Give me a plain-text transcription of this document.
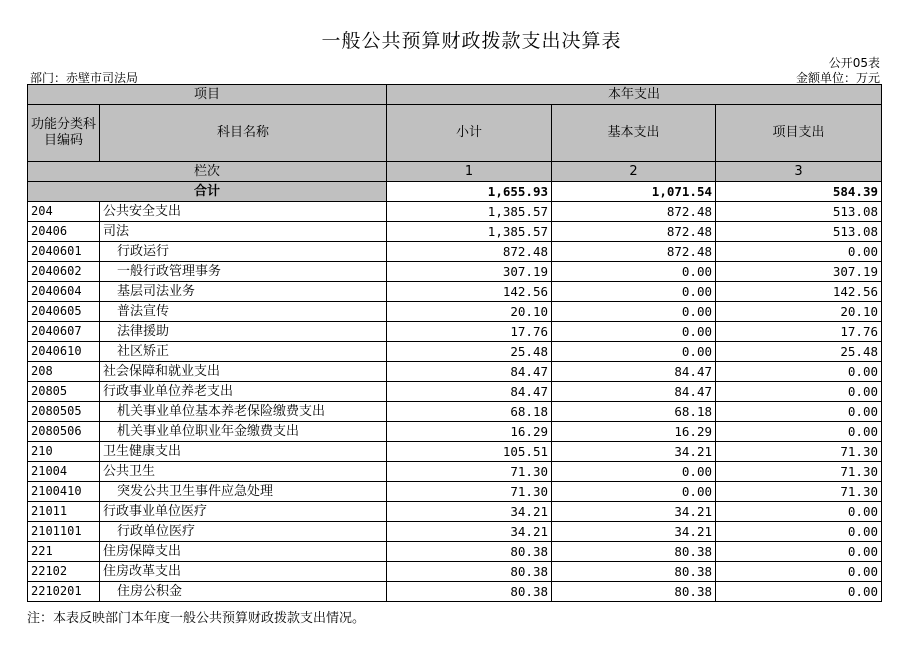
一般公共预算财政拨款支出决算表
公开05表
部门：赤壁市司法局	金额单位：万元
项目		本年支出		
功能分类科目编码	科目名称	小计	基本支出	项目支出
栏次		1	2	3
合计		1,655.93	1,071.54	584.39
204	公共安全支出	1,385.57	872.48	513.08
20406	司法	1,385.57	872.48	513.08
2040601	行政运行	872.48	872.48	0.00
2040602	一般行政管理事务	307.19	0.00	307.19
2040604	基层司法业务	142.56	0.00	142.56
2040605	普法宣传	20.10	0.00	20.10
2040607	法律援助	17.76	0.00	17.76
2040610	社区矫正	25.48	0.00	25.48
208	社会保障和就业支出	84.47	84.47	0.00
20805	行政事业单位养老支出	84.47	84.47	0.00
2080505	机关事业单位基本养老保险缴费支出	68.18	68.18	0.00
2080506	机关事业单位职业年金缴费支出	16.29	16.29	0.00
210	卫生健康支出	105.51	34.21	71.30
21004	公共卫生	71.30	0.00	71.30
2100410	突发公共卫生事件应急处理	71.30	0.00	71.30
21011	行政事业单位医疗	34.21	34.21	0.00
2101101	行政单位医疗	34.21	34.21	0.00
221	住房保障支出	80.38	80.38	0.00
22102	住房改革支出	80.38	80.38	0.00
2210201	住房公积金	80.38	80.38	0.00
注：本表反映部门本年度一般公共预算财政拨款支出情况。
